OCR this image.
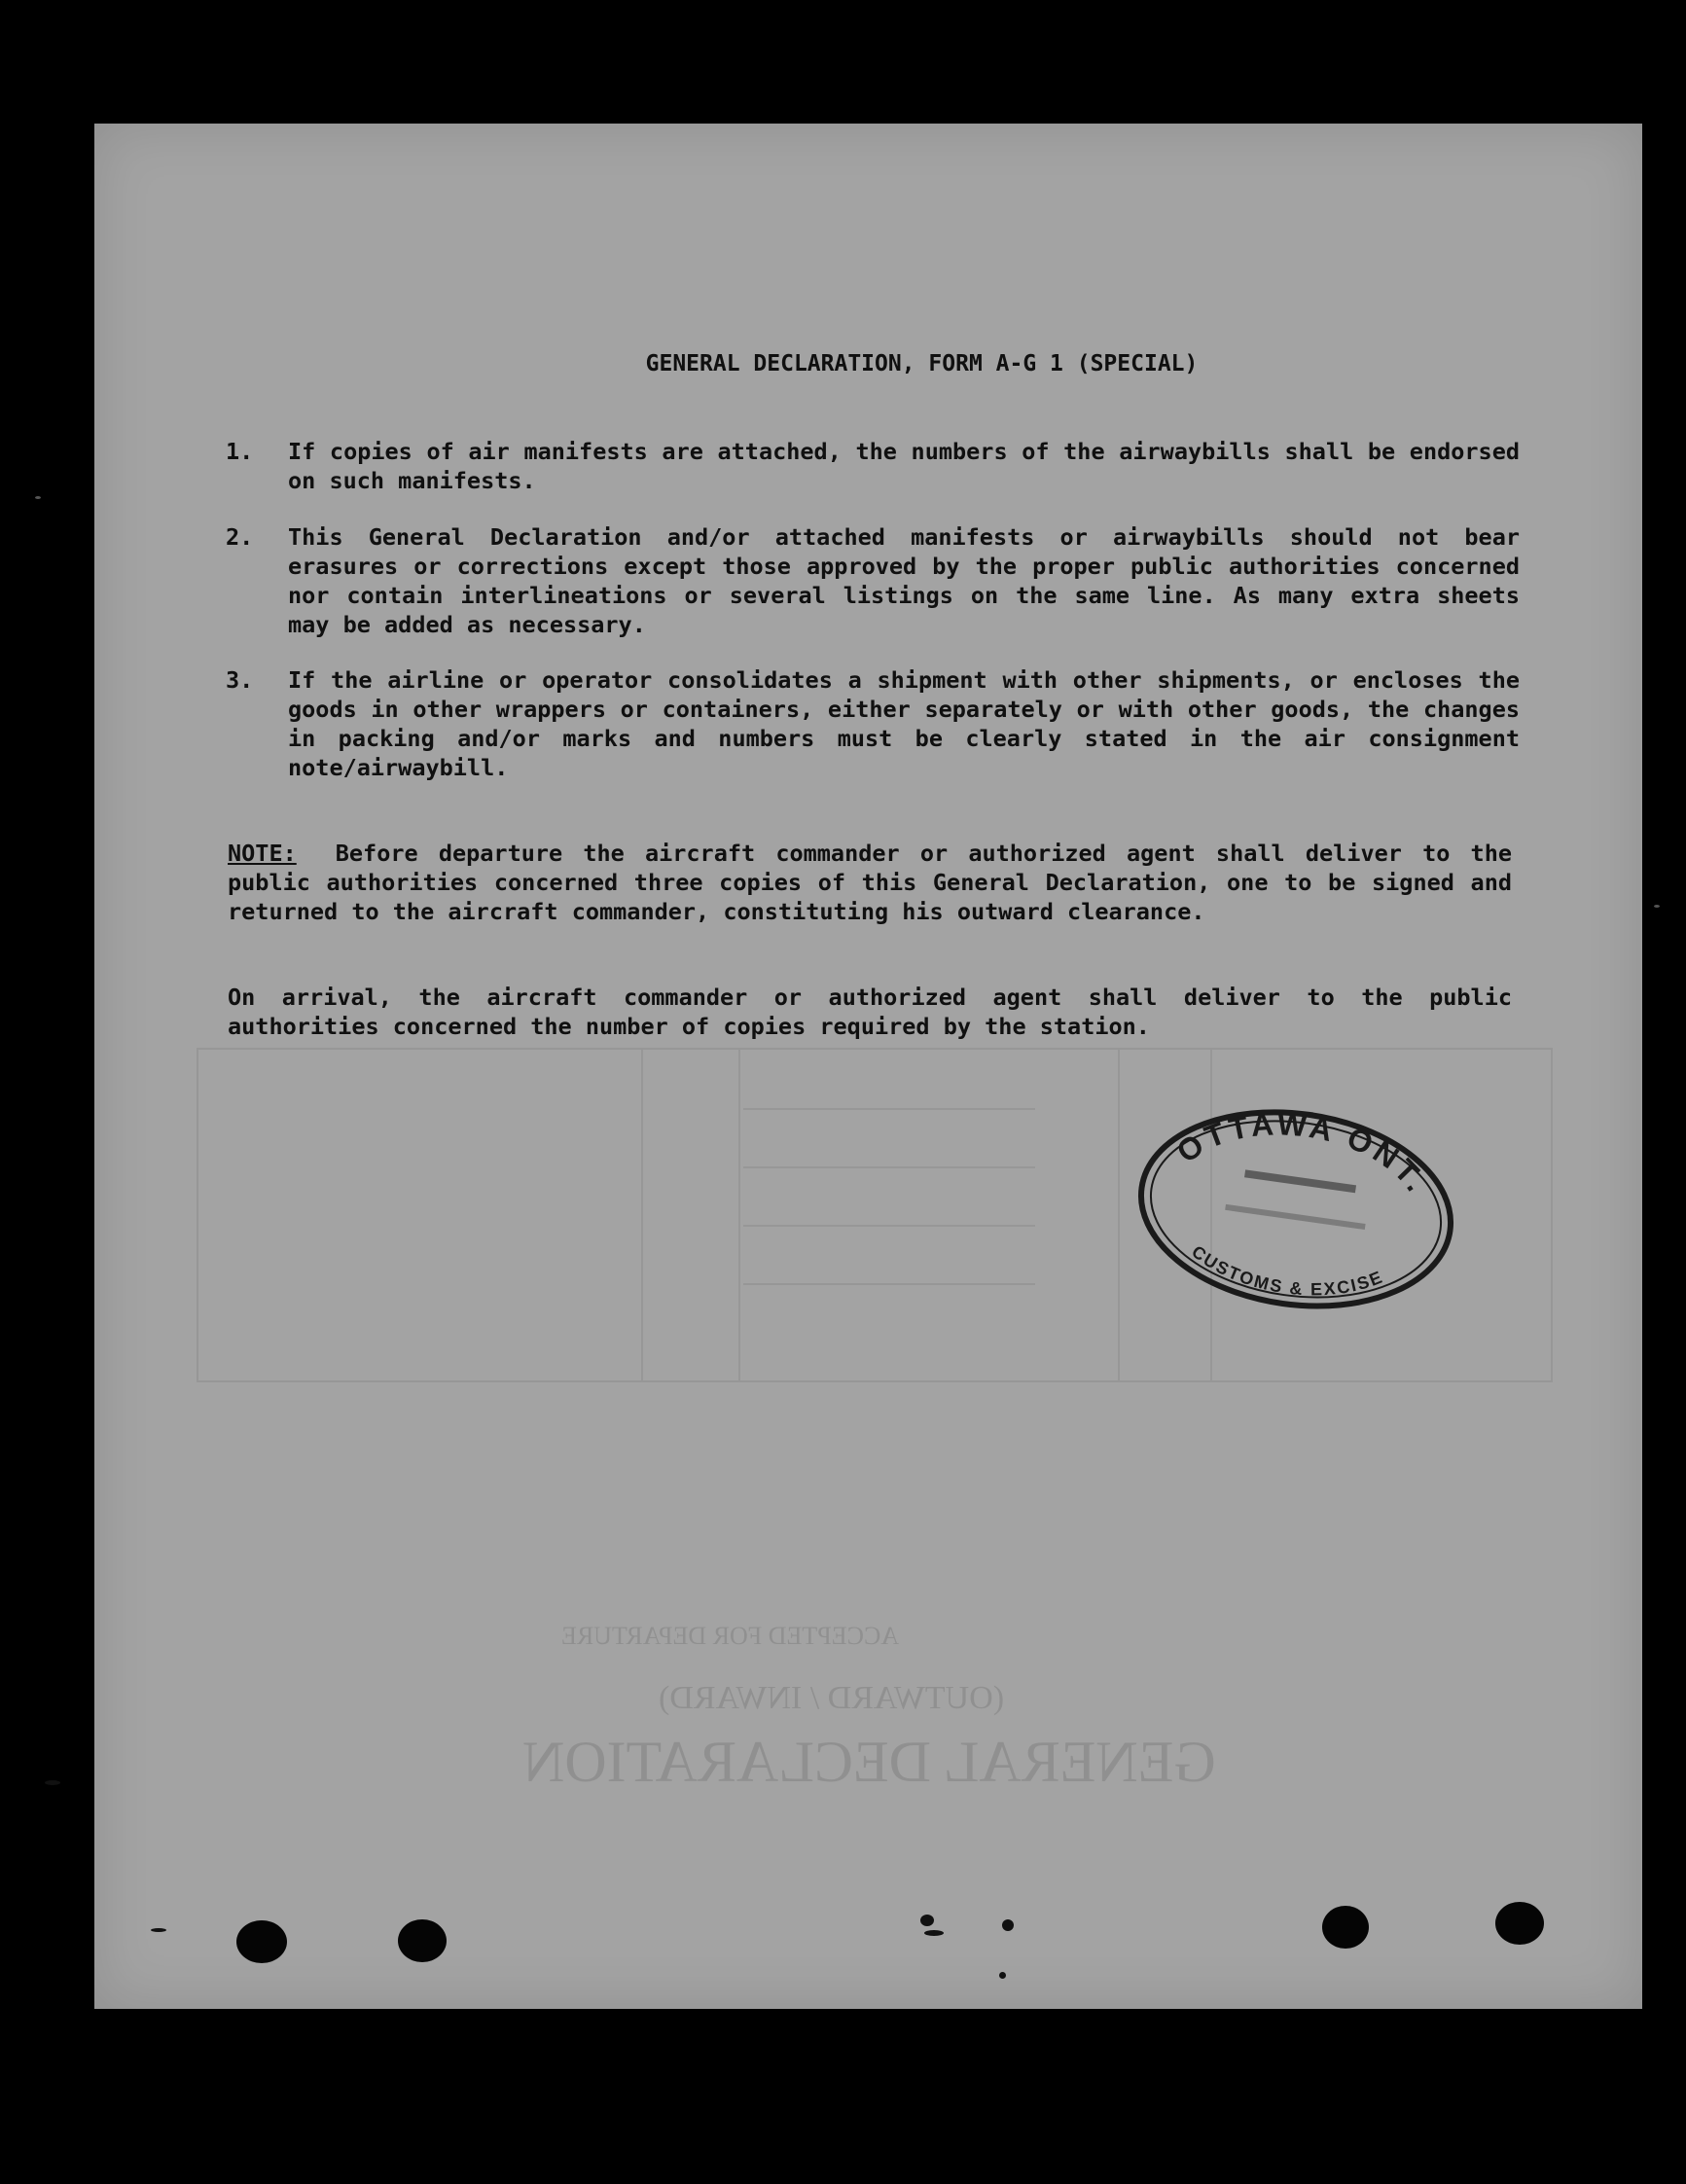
GENERAL DECLARATION
(OUTWARD / INWARD)
ACCEPTED FOR DEPARTURE
GENERAL DECLARATION, FORM A-G 1 (SPECIAL)
1.	If copies of air manifests are attached, the numbers of the airwaybills shall be endorsed on such manifests.
2.	This General Declaration and/or attached manifests or airwaybills should not bear erasures or corrections except those approved by the proper public authorities concerned nor contain interlineations or several listings on the same line. As many extra sheets may be added as necessary.
3.	If the airline or operator consolidates a shipment with other shipments, or encloses the goods in other wrappers or containers, either separately or with other goods, the changes in packing and/or marks and numbers must be clearly stated in the air consignment note/airwaybill.
NOTE: Before departure the aircraft commander or authorized agent shall deliver to the public authorities concerned three copies of this General Declaration, one to be signed and returned to the aircraft commander, constituting his outward clearance.
On arrival, the aircraft commander or authorized agent shall deliver to the public authorities concerned the number of copies required by the station.
OTTAWA ONT.
CUSTOMS & EXCISE
